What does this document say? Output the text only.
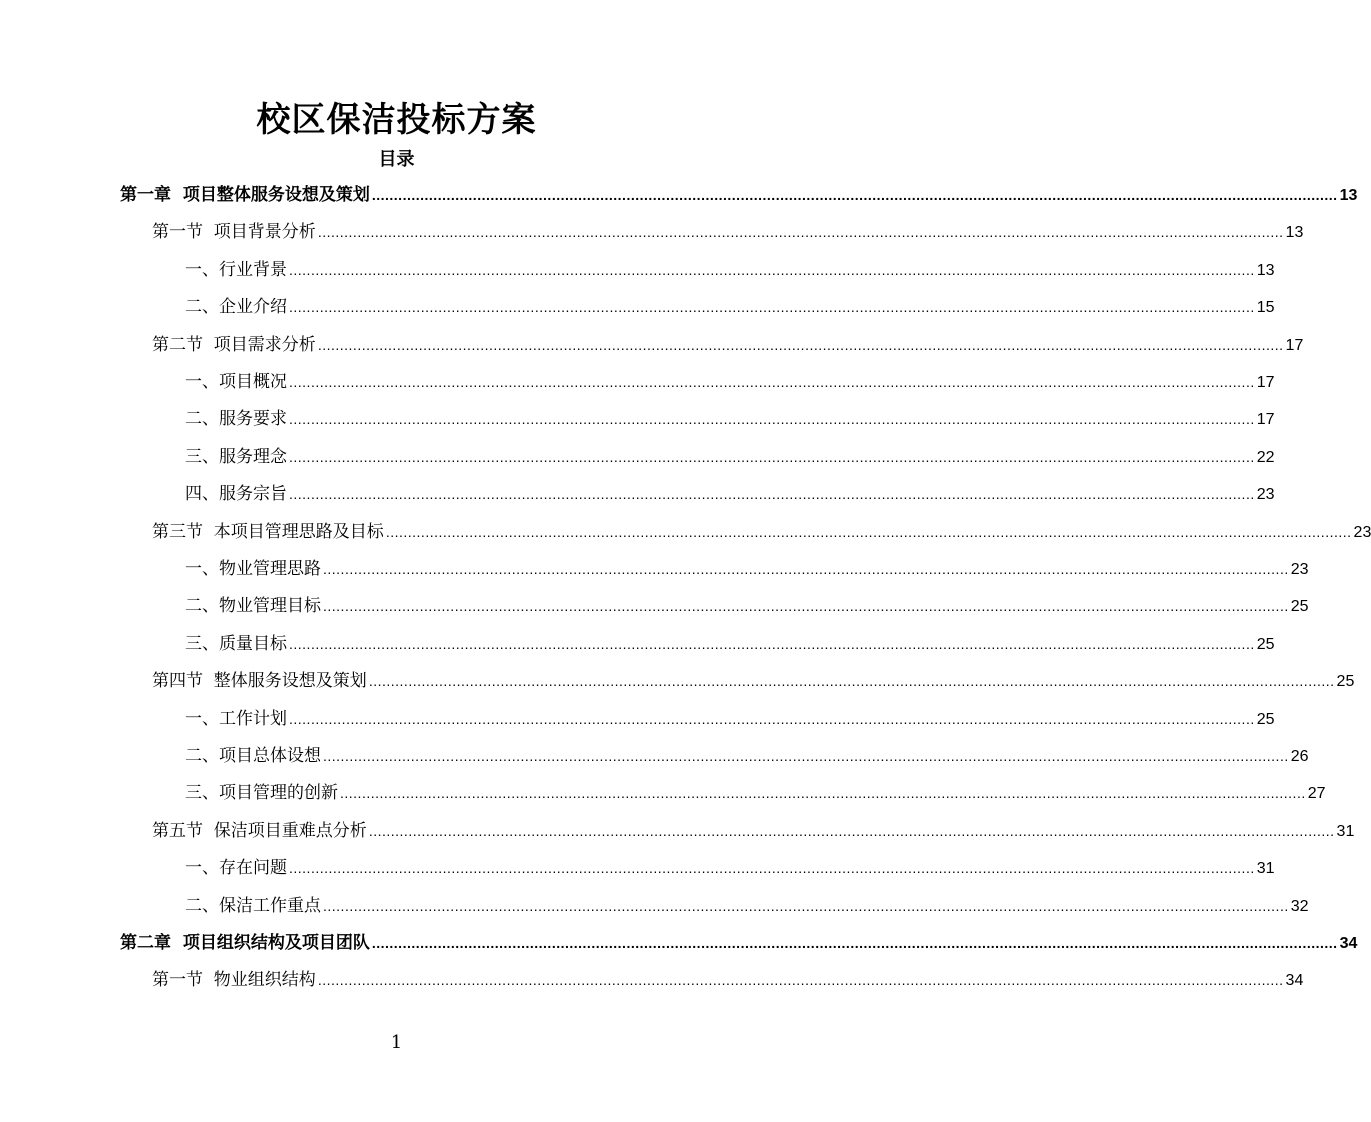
校区保洁投标方案
目录
第一章  项目整体服务设想及策划 ............................................................................................................................................................................................................................ 13
第一节  项目背景分析 ............................................................................................................................................................................................................................ 13
一、行业背景 ............................................................................................................................................................................................................................ 13
二、企业介绍 ............................................................................................................................................................................................................................ 15
第二节  项目需求分析 ............................................................................................................................................................................................................................ 17
一、项目概况 ............................................................................................................................................................................................................................ 17
二、服务要求 ............................................................................................................................................................................................................................ 17
三、服务理念 ............................................................................................................................................................................................................................ 22
四、服务宗旨 ............................................................................................................................................................................................................................ 23
第三节  本项目管理思路及目标 ............................................................................................................................................................................................................................ 23
一、物业管理思路 ............................................................................................................................................................................................................................ 23
二、物业管理目标 ............................................................................................................................................................................................................................ 25
三、质量目标 ............................................................................................................................................................................................................................ 25
第四节  整体服务设想及策划 ............................................................................................................................................................................................................................ 25
一、工作计划 ............................................................................................................................................................................................................................ 25
二、项目总体设想 ............................................................................................................................................................................................................................ 26
三、项目管理的创新 ............................................................................................................................................................................................................................ 27
第五节  保洁项目重难点分析 ............................................................................................................................................................................................................................ 31
一、存在问题 ............................................................................................................................................................................................................................ 31
二、保洁工作重点 ............................................................................................................................................................................................................................ 32
第二章  项目组织结构及项目团队 ............................................................................................................................................................................................................................ 34
第一节  物业组织结构 ............................................................................................................................................................................................................................ 34
1
